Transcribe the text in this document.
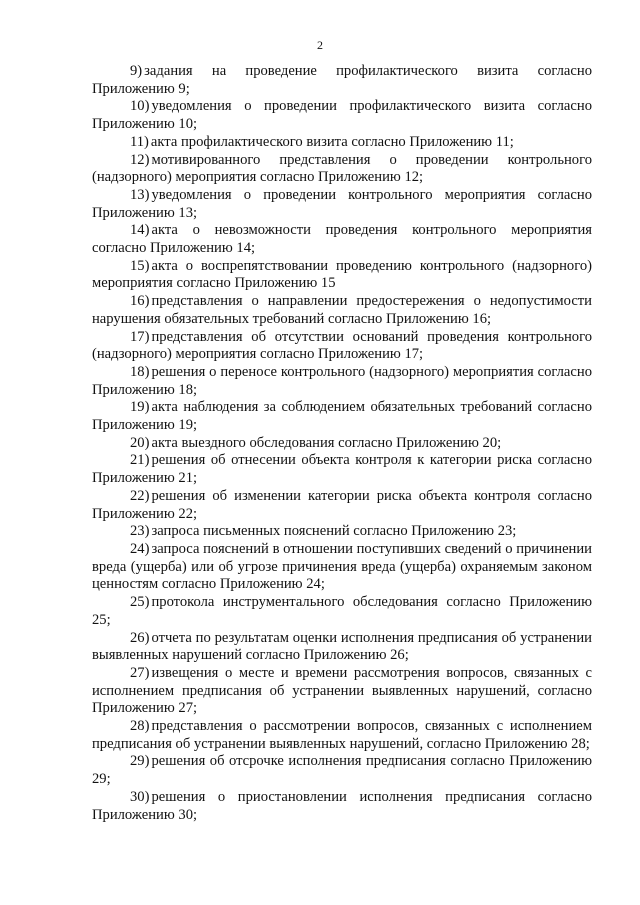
2

9) задания на проведение профилактического визита согласно Приложению 9;

10) уведомления о проведении профилактического визита согласно Приложению 10;

11) акта профилактического визита согласно Приложению 11;

12) мотивированного представления о проведении контрольного (надзорного) мероприятия согласно Приложению 12;

13) уведомления о проведении контрольного мероприятия согласно Приложению 13;

14) акта о невозможности проведения контрольного мероприятия согласно Приложению 14;

15) акта о воспрепятствовании проведению контрольного (надзорного) мероприятия согласно Приложению 15

16) представления о направлении предостережения о недопустимости нарушения обязательных требований согласно Приложению 16;

17) представления об отсутствии оснований проведения контрольного (надзорного) мероприятия согласно Приложению 17;

18) решения о переносе контрольного (надзорного) мероприятия согласно Приложению 18;

19) акта наблюдения за соблюдением обязательных требований согласно Приложению 19;

20) акта выездного обследования согласно Приложению 20;

21) решения об отнесении объекта контроля к категории риска согласно Приложению 21;

22) решения об изменении категории риска объекта контроля согласно Приложению 22;

23) запроса письменных пояснений согласно Приложению 23;

24) запроса пояснений в отношении поступивших сведений о причинении вреда (ущерба) или об угрозе причинения вреда (ущерба) охраняемым законом ценностям согласно Приложению 24;

25) протокола инструментального обследования согласно Приложению 25;

26) отчета по результатам оценки исполнения предписания об устранении выявленных нарушений согласно Приложению 26;

27) извещения о месте и времени рассмотрения вопросов, связанных с исполнением предписания об устранении выявленных нарушений, согласно Приложению 27;

28) представления о рассмотрении вопросов, связанных с исполнением предписания об устранении выявленных нарушений, согласно Приложению 28;

29) решения об отсрочке исполнения предписания согласно Приложению 29;

30) решения о приостановлении исполнения предписания согласно Приложению 30;
